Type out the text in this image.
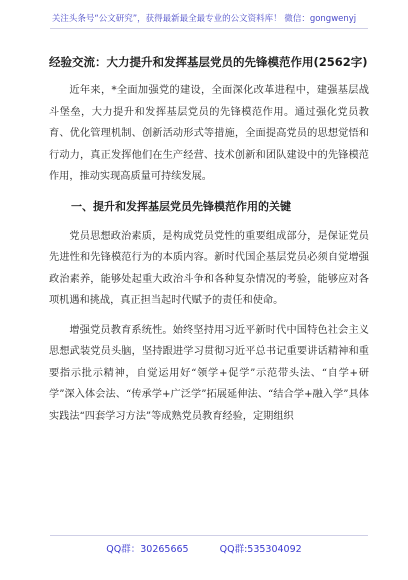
关注头条号“公文研究”，获得最新最全最专业的公文资料库！ 微信：gongwenyj

经验交流：大力提升和发挥基层党员的先锋模范作用(2562字)

近年来，*全面加强党的建设，全面深化改革进程中，建强基层战斗堡垒，大力提升和发挥基层党员的先锋模范作用。通过强化党员教育、优化管理机制、创新活动形式等措施，全面提高党员的思想觉悟和行动力，真正发挥他们在生产经营、技术创新和团队建设中的先锋模范作用，推动实现高质量可持续发展。

一、提升和发挥基层党员先锋模范作用的关键

党员思想政治素质，是构成党员党性的重要组成部分，是保证党员先进性和先锋模范行为的本质内容。新时代国企基层党员必须自觉增强政治素养，能够处起重大政治斗争和各种复杂情况的考验，能够应对各项机遇和挑战，真正担当起时代赋予的责任和使命。

增强党员教育系统性。始终坚持用习近平新时代中国特色社会主义思想武装党员头脑，坚持跟进学习贯彻习近平总书记重要讲话精神和重要指示批示精神，自觉运用好“领学+促学”示范带头法、“自学+研学”深入体会法、“传承学+广泛学”拓展延伸法、“结合学+融入学”具体实践法“四套学习方法”等成熟党员教育经验，定期组织

QQ群：30265665	QQ群:535304092
